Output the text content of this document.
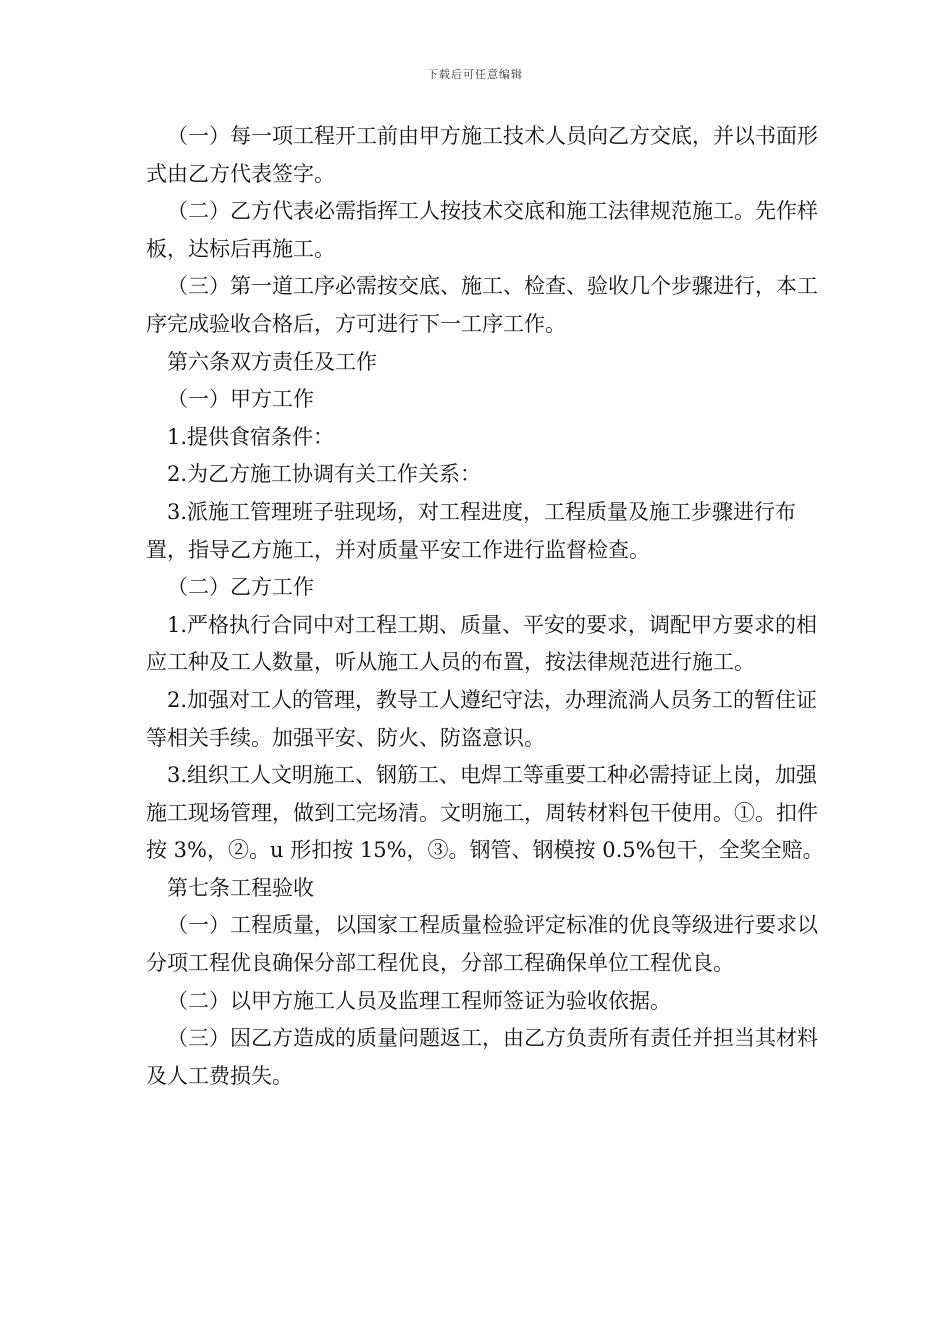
下载后可任意编辑

（一）每一项工程开工前由甲方施工技术人员向乙方交底，并以书面形式由乙方代表签字。

（二）乙方代表必需指挥工人按技术交底和施工法律规范施工。先作样板，达标后再施工。

（三）第一道工序必需按交底、施工、检查、验收几个步骤进行，本工序完成验收合格后，方可进行下一工序工作。

第六条双方责任及工作

（一）甲方工作

1.提供食宿条件：

2.为乙方施工协调有关工作关系：

3.派施工管理班子驻现场，对工程进度，工程质量及施工步骤进行布置，指导乙方施工，并对质量平安工作进行监督检查。

（二）乙方工作

1.严格执行合同中对工程工期、质量、平安的要求，调配甲方要求的相应工种及工人数量，听从施工人员的布置，按法律规范进行施工。

2.加强对工人的管理，教导工人遵纪守法，办理流淌人员务工的暂住证等相关手续。加强平安、防火、防盗意识。

3.组织工人文明施工、钢筋工、电焊工等重要工种必需持证上岗，加强施工现场管理，做到工完场清。文明施工，周转材料包干使用。①。扣件按 3%，②。u 形扣按 15%，③。钢管、钢模按 0.5%包干，全奖全赔。

第七条工程验收

（一）工程质量，以国家工程质量检验评定标准的优良等级进行要求以分项工程优良确保分部工程优良，分部工程确保单位工程优良。

（二）以甲方施工人员及监理工程师签证为验收依据。

（三）因乙方造成的质量问题返工，由乙方负责所有责任并担当其材料及人工费损失。
